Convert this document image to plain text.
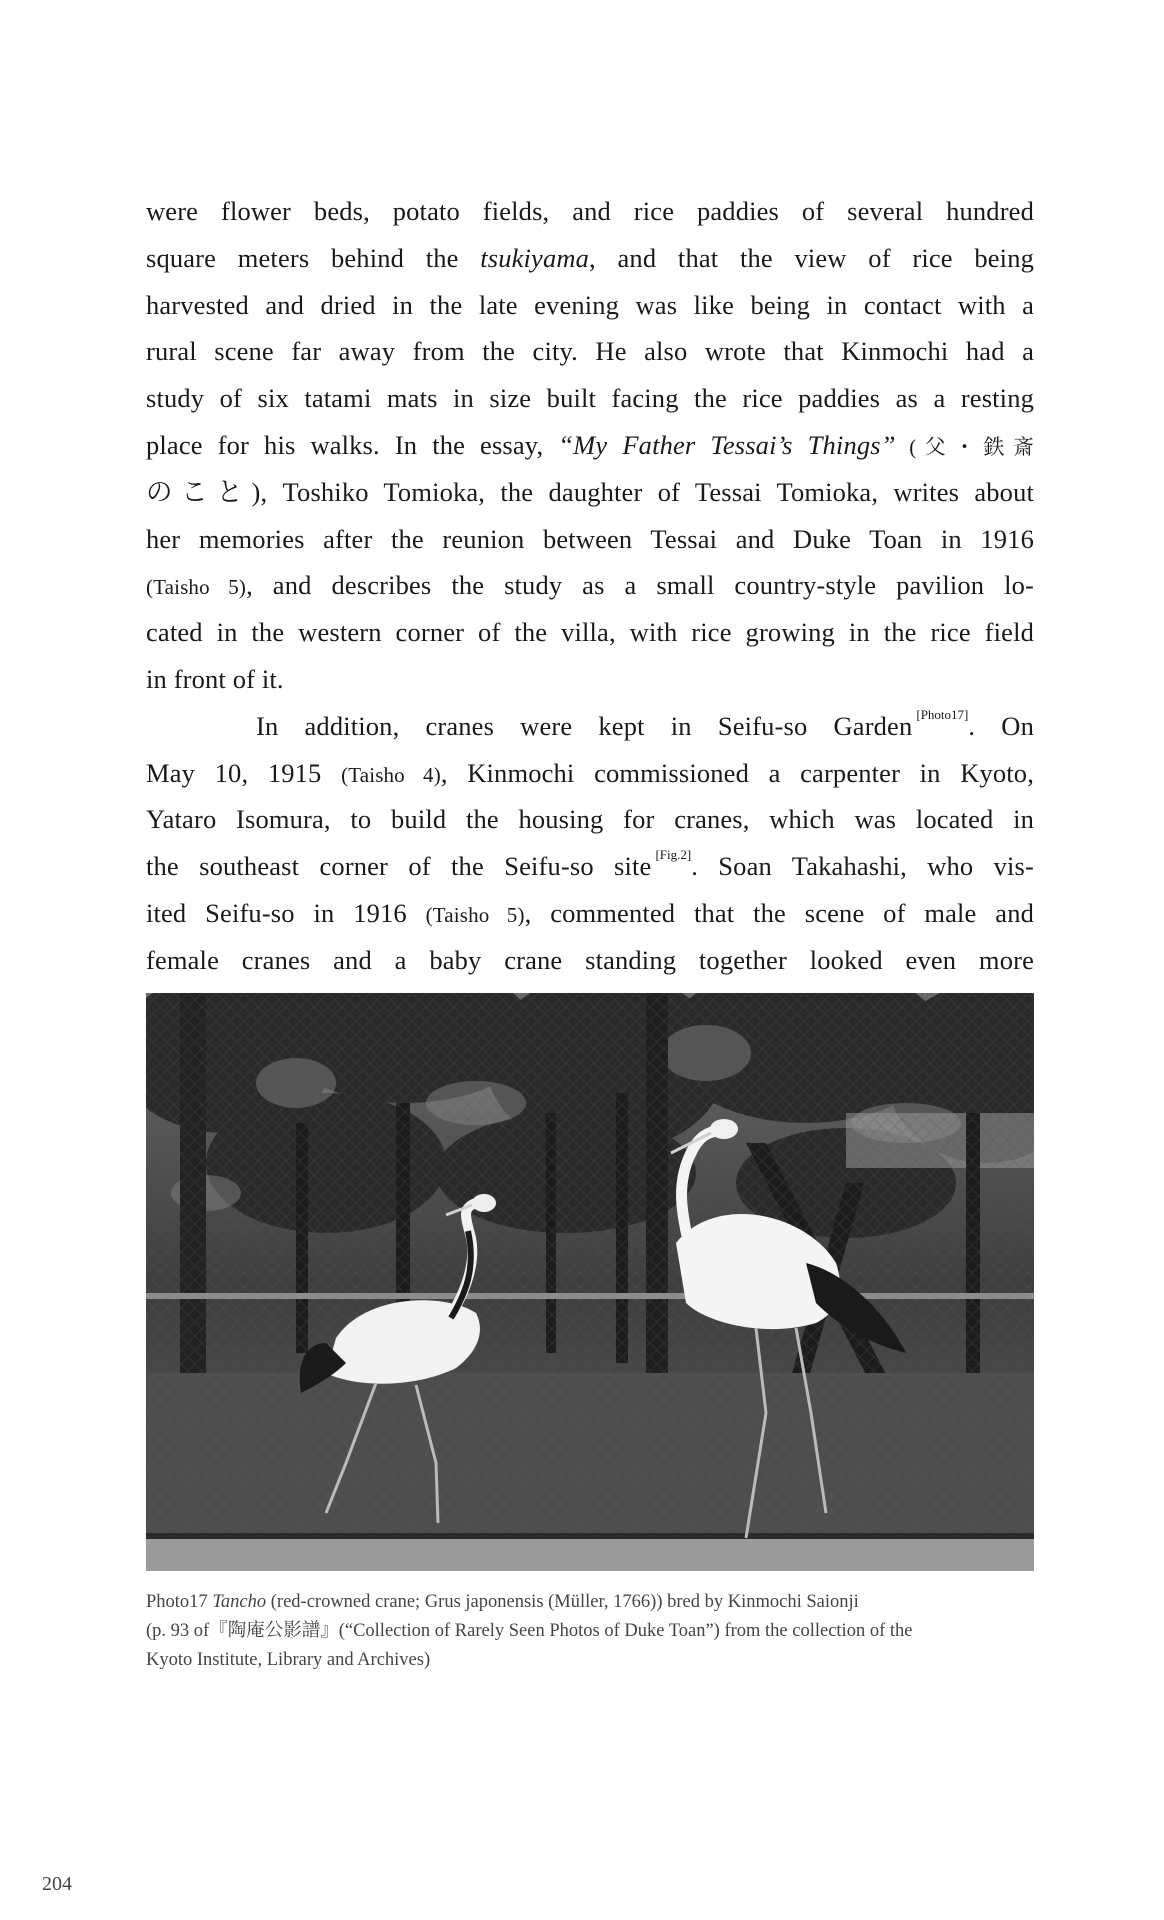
were flower beds, potato fields, and rice paddies of several hundred
square meters behind the tsukiyama, and that the view of rice being
harvested and dried in the late evening was like being in contact with a
rural scene far away from the city. He also wrote that Kinmochi had a
study of six tatami mats in size built facing the rice paddies as a resting
place for his walks. In the essay, “My Father Tessai’s Things” (父・鉄斎
のこと), Toshiko Tomioka, the daughter of Tessai Tomioka, writes about
her memories after the reunion between Tessai and Duke Toan in 1916
(Taisho 5), and describes the study as a small country-style pavilion lo-
cated in the western corner of the villa, with rice growing in the rice field
in front of it.
In addition, cranes were kept in Seifu-so Garden [Photo17]. On
May 10, 1915 (Taisho 4), Kinmochi commissioned a carpenter in Kyoto,
Yataro Isomura, to build the housing for cranes, which was located in
the southeast corner of the Seifu-so site [Fig.2]. Soan Takahashi, who vis-
ited Seifu-so in 1916 (Taisho 5), commented that the scene of male and
female cranes and a baby crane standing together looked even more
Photo17 Tancho (red-crowned crane; Grus japonensis (Müller, 1766)) bred by Kinmochi Saionji
(p. 93 of『陶庵公影譜』(“Collection of Rarely Seen Photos of Duke Toan”) from the collection of the
Kyoto Institute, Library and Archives)
204
